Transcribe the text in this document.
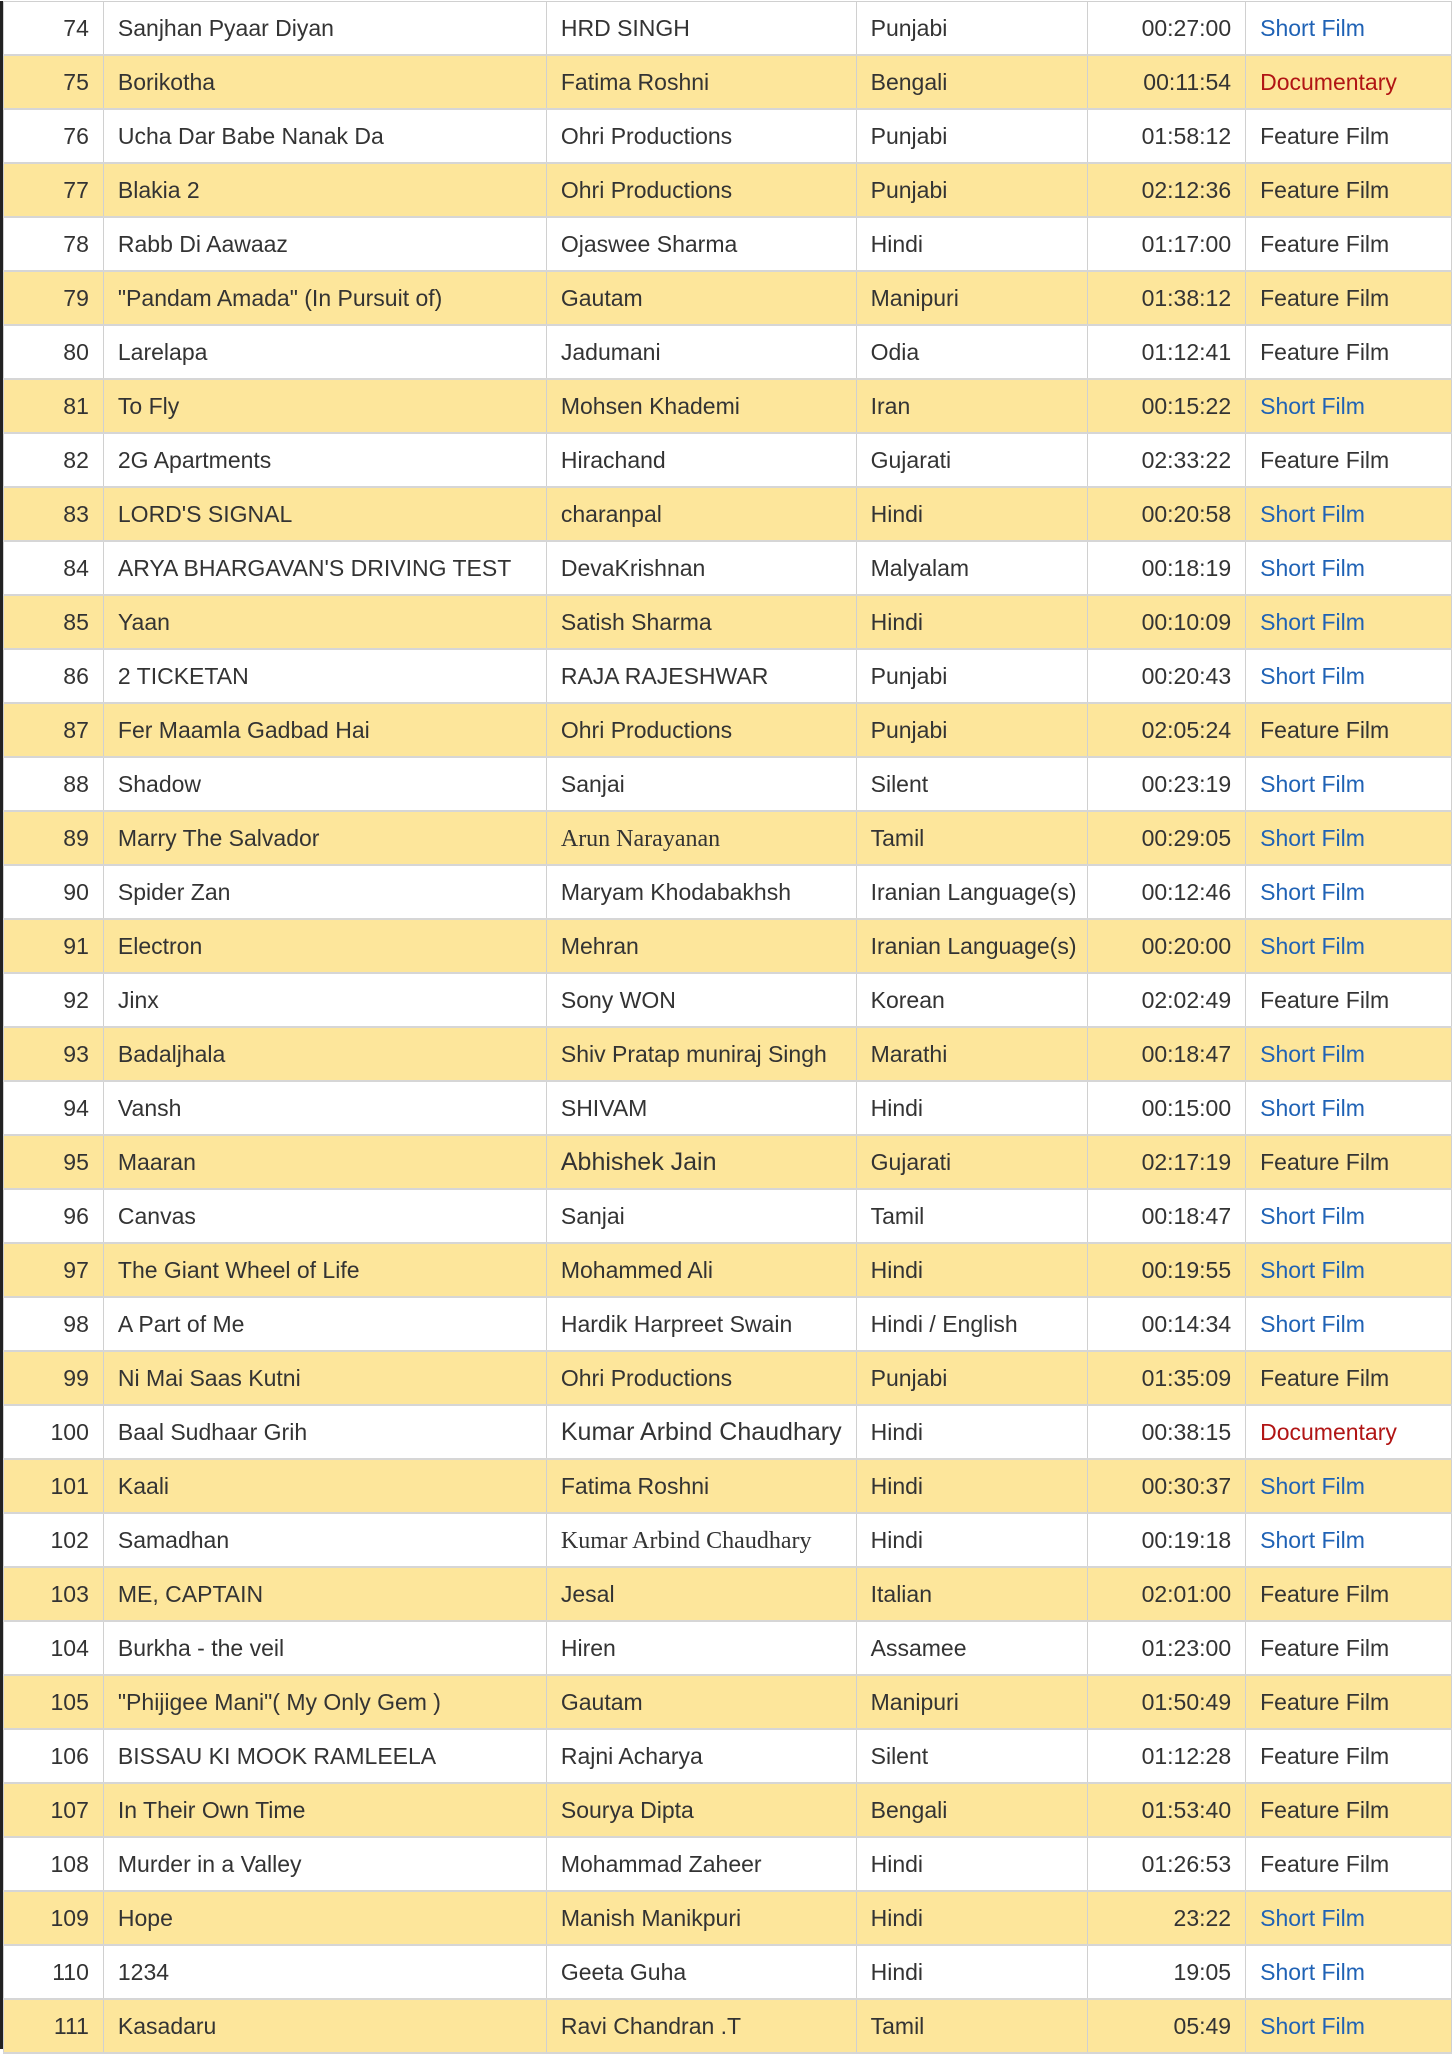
74	Sanjhan Pyaar Diyan	HRD SINGH	Punjabi	00:27:00	Short Film
75	Borikotha	Fatima Roshni	Bengali	00:11:54	Documentary
76	Ucha Dar Babe Nanak Da	Ohri Productions	Punjabi	01:58:12	Feature Film
77	Blakia 2	Ohri Productions	Punjabi	02:12:36	Feature Film
78	Rabb Di Aawaaz	Ojaswee Sharma	Hindi	01:17:00	Feature Film
79	"Pandam Amada" (In Pursuit of)	Gautam	Manipuri	01:38:12	Feature Film
80	Larelapa	Jadumani	Odia	01:12:41	Feature Film
81	To Fly	Mohsen Khademi	Iran	00:15:22	Short Film
82	2G Apartments	Hirachand	Gujarati	02:33:22	Feature Film
83	LORD'S SIGNAL	charanpal	Hindi	00:20:58	Short Film
84	ARYA BHARGAVAN'S DRIVING TEST	DevaKrishnan	Malyalam	00:18:19	Short Film
85	Yaan	Satish Sharma	Hindi	00:10:09	Short Film
86	2 TICKETAN	RAJA RAJESHWAR	Punjabi	00:20:43	Short Film
87	Fer Maamla Gadbad Hai	Ohri Productions	Punjabi	02:05:24	Feature Film
88	Shadow	Sanjai	Silent	00:23:19	Short Film
89	Marry The Salvador	Arun Narayanan	Tamil	00:29:05	Short Film
90	Spider Zan	Maryam Khodabakhsh	Iranian Language(s)	00:12:46	Short Film
91	Electron	Mehran	Iranian Language(s)	00:20:00	Short Film
92	Jinx	Sony WON	Korean	02:02:49	Feature Film
93	Badaljhala	Shiv Pratap muniraj Singh	Marathi	00:18:47	Short Film
94	Vansh	SHIVAM	Hindi	00:15:00	Short Film
95	Maaran	Abhishek Jain	Gujarati	02:17:19	Feature Film
96	Canvas	Sanjai	Tamil	00:18:47	Short Film
97	The Giant Wheel of Life	Mohammed Ali	Hindi	00:19:55	Short Film
98	A Part of Me	Hardik Harpreet Swain	Hindi / English	00:14:34	Short Film
99	Ni Mai Saas Kutni	Ohri Productions	Punjabi	01:35:09	Feature Film
100	Baal Sudhaar Grih	Kumar Arbind Chaudhary	Hindi	00:38:15	Documentary
101	Kaali	Fatima Roshni	Hindi	00:30:37	Short Film
102	Samadhan	Kumar Arbind Chaudhary	Hindi	00:19:18	Short Film
103	ME, CAPTAIN	Jesal	Italian	02:01:00	Feature Film
104	Burkha - the veil	Hiren	Assamee	01:23:00	Feature Film
105	"Phijigee Mani"( My Only Gem )	Gautam	Manipuri	01:50:49	Feature Film
106	BISSAU KI MOOK RAMLEELA	Rajni Acharya	Silent	01:12:28	Feature Film
107	In Their Own Time	Sourya Dipta	Bengali	01:53:40	Feature Film
108	Murder in a Valley	Mohammad Zaheer	Hindi	01:26:53	Feature Film
109	Hope	Manish Manikpuri	Hindi	23:22	Short Film
110	1234	Geeta Guha	Hindi	19:05	Short Film
111	Kasadaru	Ravi Chandran .T	Tamil	05:49	Short Film
